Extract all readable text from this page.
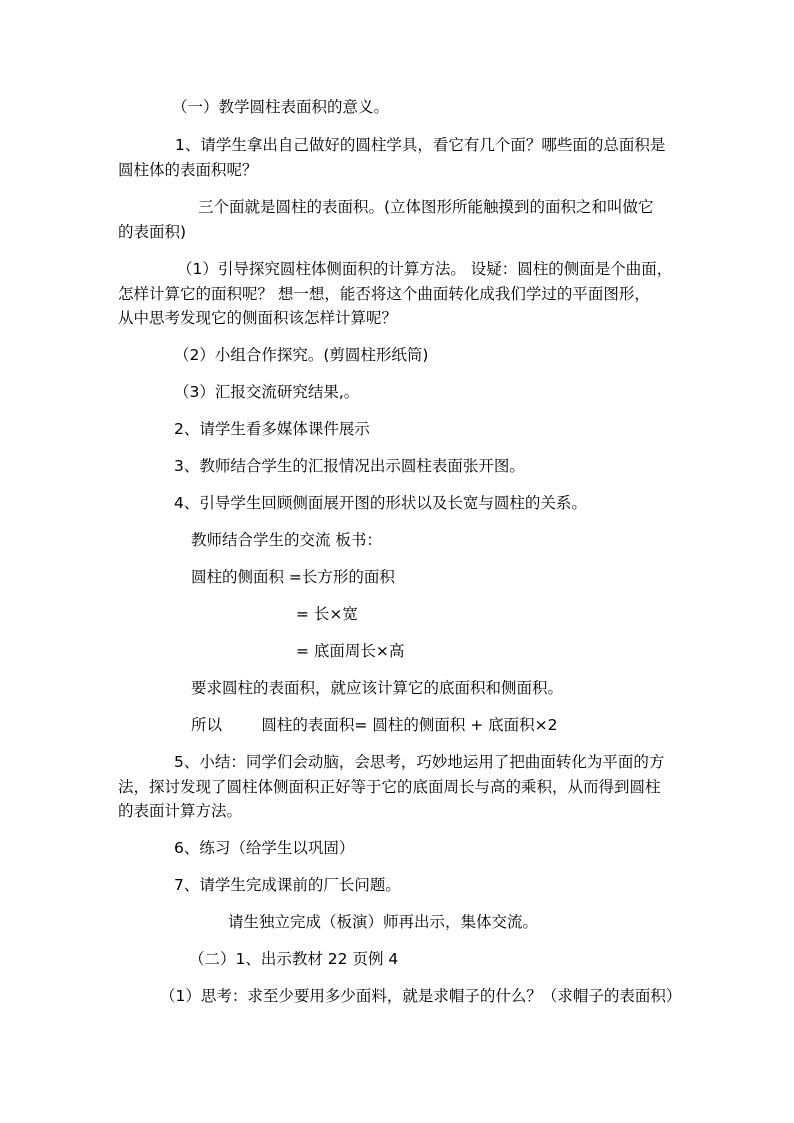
（一）教学圆柱表面积的意义。

1、请学生拿出自己做好的圆柱学具，看它有几个面？哪些面的总面积是

圆柱体的表面积呢？

三个面就是圆柱的表面积。(立体图形所能触摸到的面积之和叫做它

的表面积)

（1）引导探究圆柱体侧面积的计算方法。 设疑：圆柱的侧面是个曲面，

怎样计算它的面积呢？ 想一想，能否将这个曲面转化成我们学过的平面图形，

从中思考发现它的侧面积该怎样计算呢？

（2）小组合作探究。(剪圆柱形纸筒)

（3）汇报交流研究结果,。

2、请学生看多媒体课件展示

3、教师结合学生的汇报情况出示圆柱表面张开图。

4、引导学生回顾侧面展开图的形状以及长宽与圆柱的关系。

教师结合学生的交流 板书：

圆柱的侧面积 =长方形的面积

= 长×宽

= 底面周长×高

要求圆柱的表面积，就应该计算它的底面积和侧面积。

所以        圆柱的表面积= 圆柱的侧面积 + 底面积×2

5、小结：同学们会动脑，会思考，巧妙地运用了把曲面转化为平面的方

法，探讨发现了圆柱体侧面积正好等于它的底面周长与高的乘积，从而得到圆柱

的表面计算方法。

6、练习（给学生以巩固）

7、请学生完成课前的厂长问题。

请生独立完成（板演）师再出示，集体交流。

（二）1、出示教材 22 页例 4

（1）思考：求至少要用多少面料，就是求帽子的什么？（求帽子的表面积）
